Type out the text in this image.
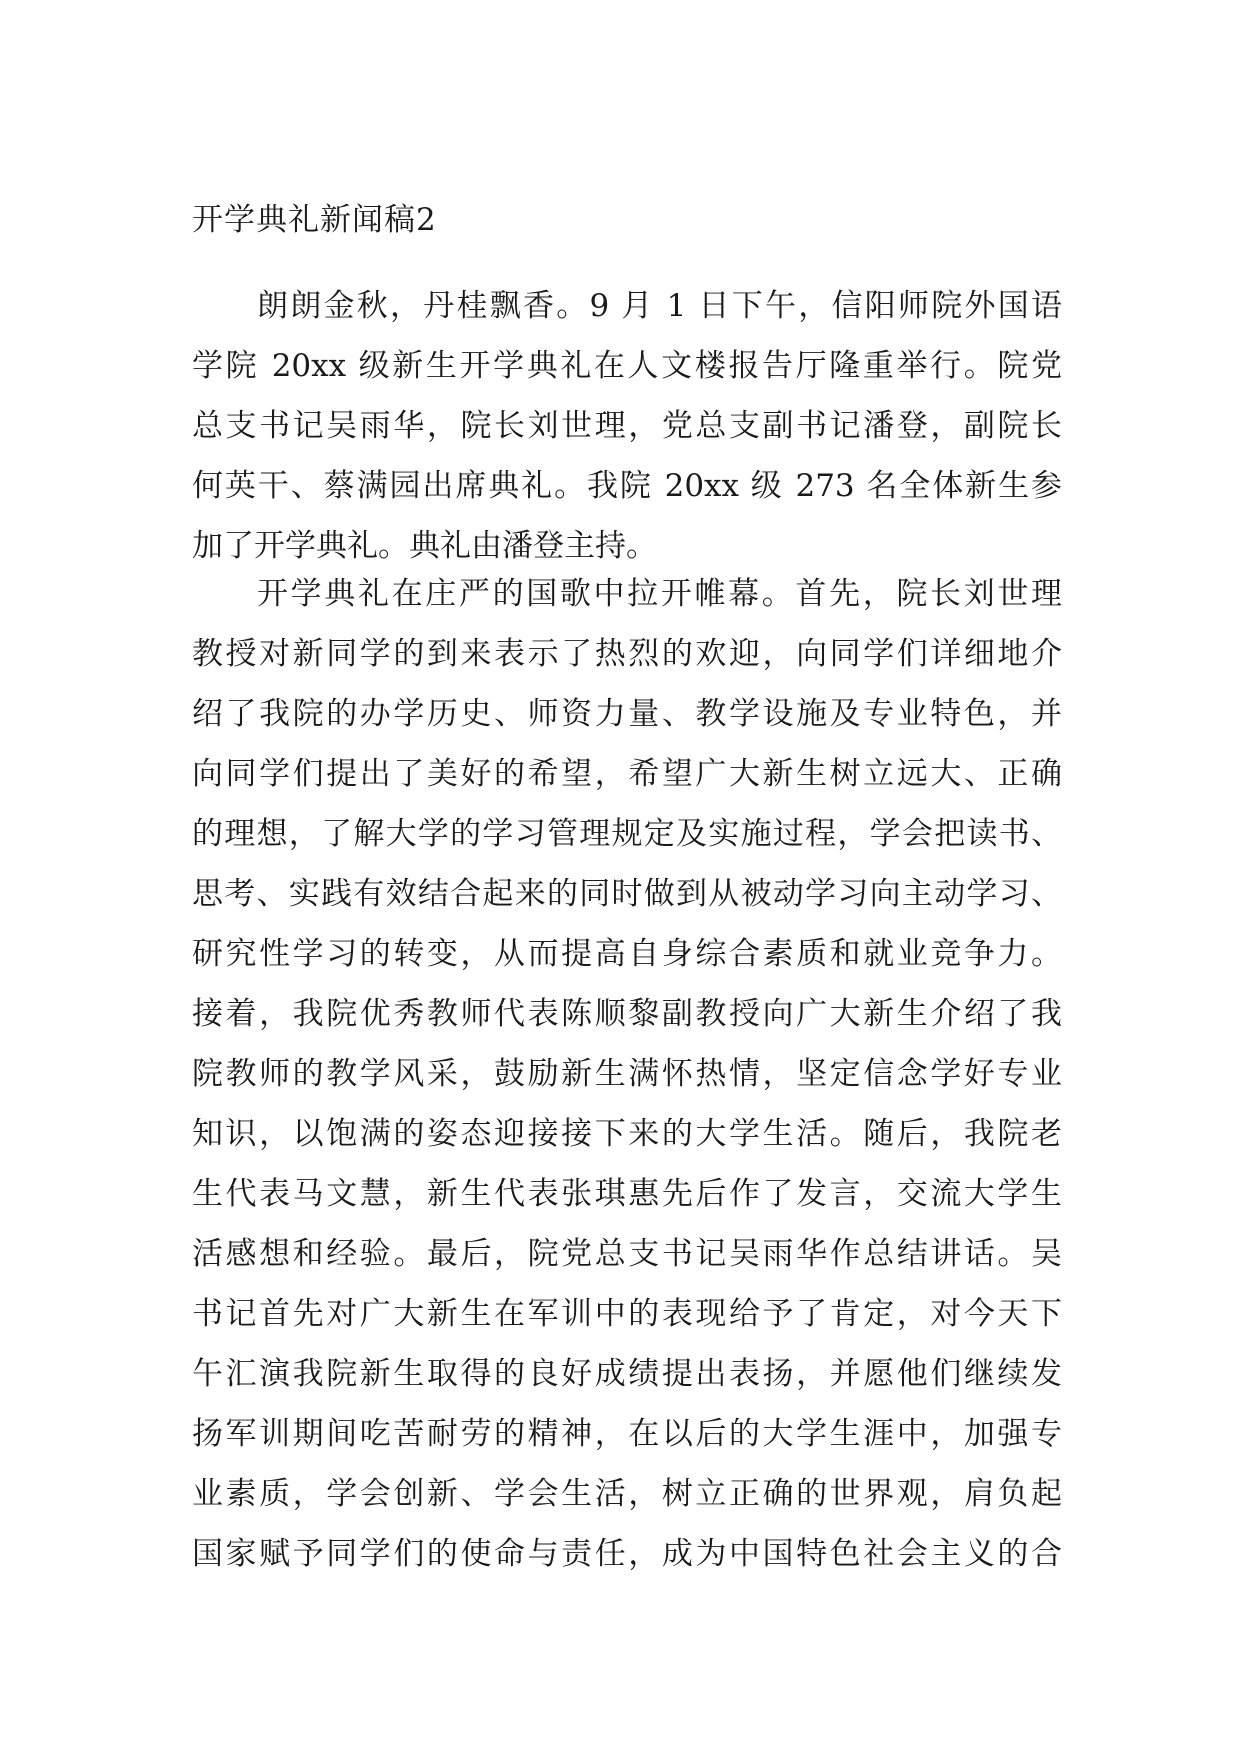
开学典礼新闻稿2
朗朗金秋，丹桂飘香。9 月 1 日下午，信阳师院外国语
学院 20xx 级新生开学典礼在人文楼报告厅隆重举行。院党
总支书记吴雨华，院长刘世理，党总支副书记潘登，副院长
何英干、蔡满园出席典礼。我院 20xx 级 273 名全体新生参
加了开学典礼。典礼由潘登主持。
开学典礼在庄严的国歌中拉开帷幕。首先，院长刘世理
教授对新同学的到来表示了热烈的欢迎，向同学们详细地介
绍了我院的办学历史、师资力量、教学设施及专业特色，并
向同学们提出了美好的希望，希望广大新生树立远大、正确
的理想，了解大学的学习管理规定及实施过程，学会把读书、
思考、实践有效结合起来的同时做到从被动学习向主动学习、
研究性学习的转变，从而提高自身综合素质和就业竞争力。
接着，我院优秀教师代表陈顺黎副教授向广大新生介绍了我
院教师的教学风采，鼓励新生满怀热情，坚定信念学好专业
知识，以饱满的姿态迎接接下来的大学生活。随后，我院老
生代表马文慧，新生代表张琪惠先后作了发言，交流大学生
活感想和经验。最后，院党总支书记吴雨华作总结讲话。吴
书记首先对广大新生在军训中的表现给予了肯定，对今天下
午汇演我院新生取得的良好成绩提出表扬，并愿他们继续发
扬军训期间吃苦耐劳的精神，在以后的大学生涯中，加强专
业素质，学会创新、学会生活，树立正确的世界观，肩负起
国家赋予同学们的使命与责任，成为中国特色社会主义的合
